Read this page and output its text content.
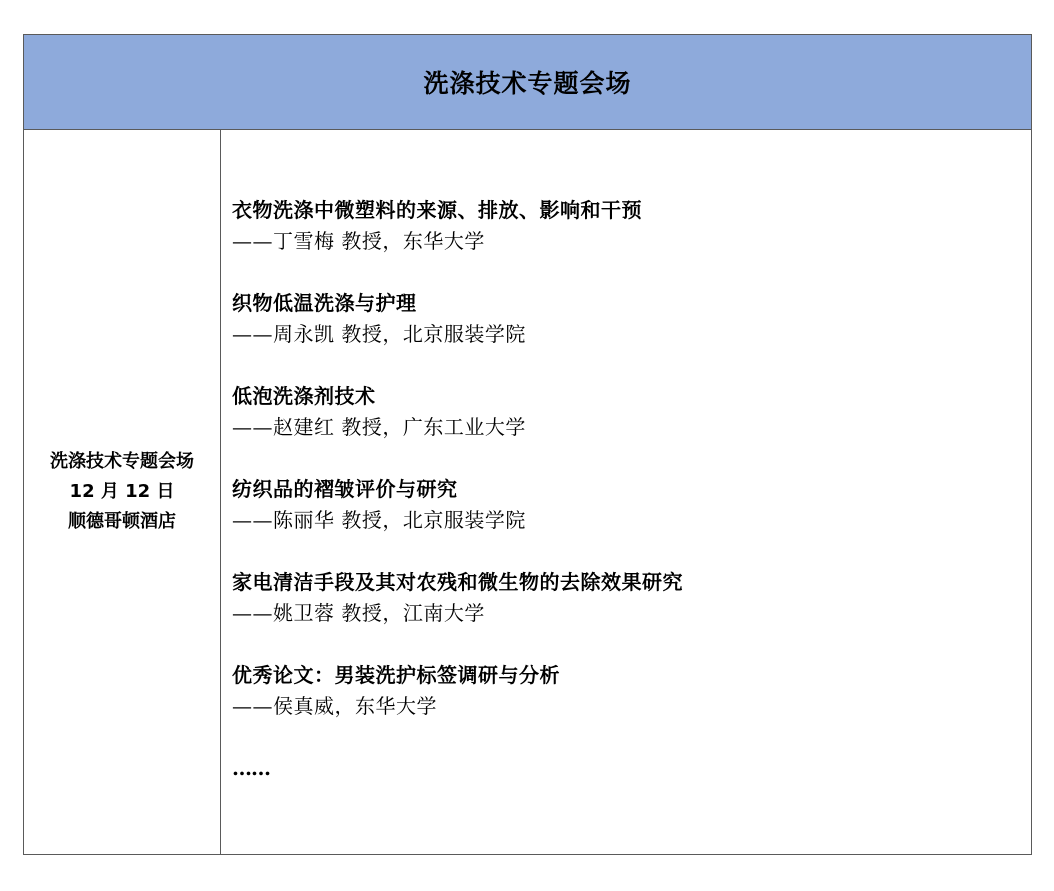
洗涤技术专题会场
洗涤技术专题会场
12 月 12 日
顺德哥顿酒店
衣物洗涤中微塑料的来源、排放、影响和干预
——丁雪梅 教授，东华大学
织物低温洗涤与护理
——周永凯 教授，北京服装学院
低泡洗涤剂技术
——赵建红 教授，广东工业大学
纺织品的褶皱评价与研究
——陈丽华 教授，北京服装学院
家电清洁手段及其对农残和微生物的去除效果研究
——姚卫蓉 教授，江南大学
优秀论文：男装洗护标签调研与分析
——侯真威，东华大学
……
